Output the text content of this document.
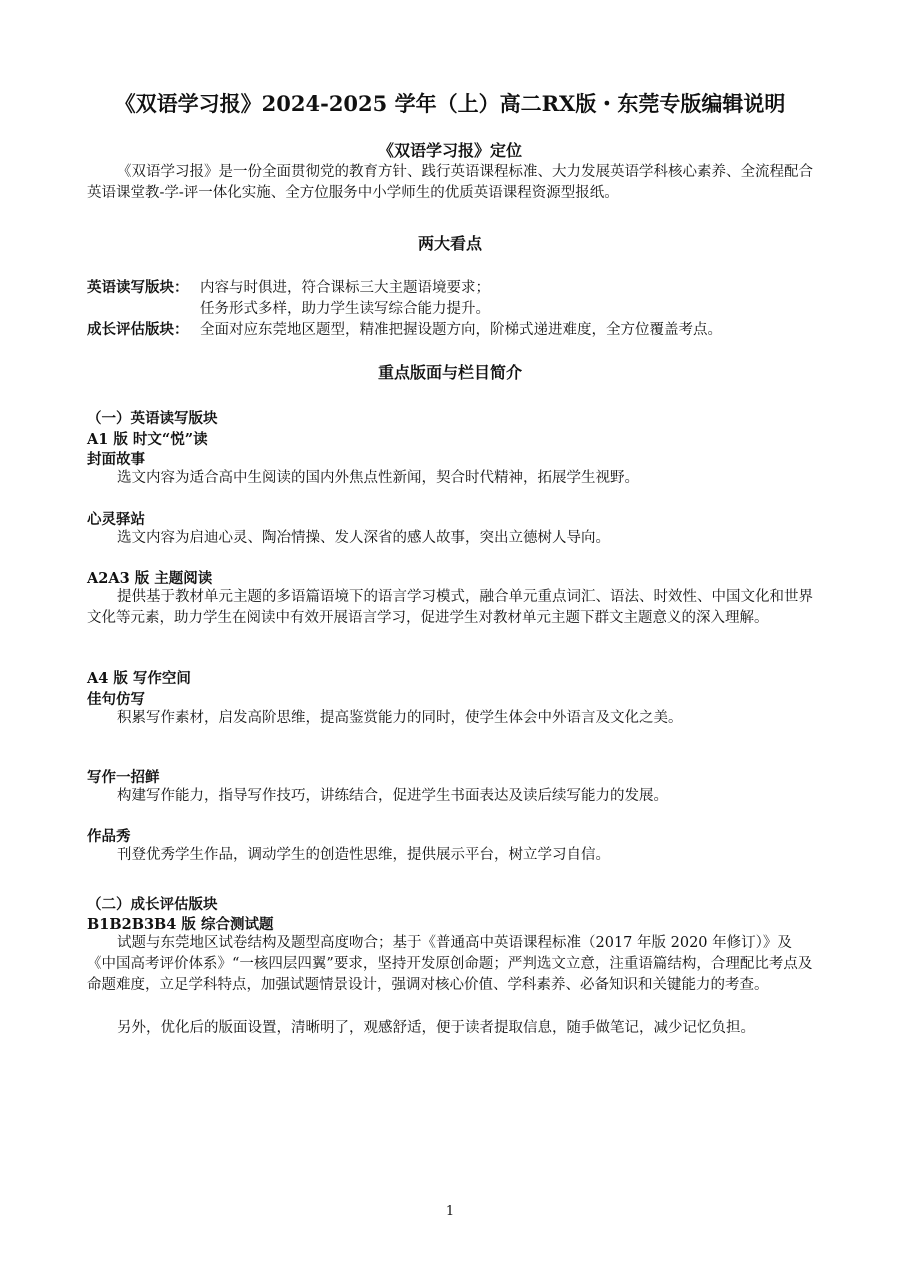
《双语学习报》2024-2025 学年（上）高二RX版・东莞专版编辑说明
《双语学习报》定位
《双语学习报》是一份全面贯彻党的教育方针、践行英语课程标准、大力发展英语学科核心素养、全流程配合英语课堂教-学-评一体化实施、全方位服务中小学师生的优质英语课程资源型报纸。
两大看点
英语读写版块： 内容与时俱进，符合课标三大主题语境要求；
任务形式多样，助力学生读写综合能力提升。
成长评估版块： 全面对应东莞地区题型，精准把握设题方向，阶梯式递进难度，全方位覆盖考点。
重点版面与栏目简介
（一）英语读写版块
A1 版 时文“悦”读
封面故事
选文内容为适合高中生阅读的国内外焦点性新闻，契合时代精神，拓展学生视野。
心灵驿站
选文内容为启迪心灵、陶冶情操、发人深省的感人故事，突出立德树人导向。
A2A3 版 主题阅读
提供基于教材单元主题的多语篇语境下的语言学习模式，融合单元重点词汇、语法、时效性、中国文化和世界文化等元素，助力学生在阅读中有效开展语言学习，促进学生对教材单元主题下群文主题意义的深入理解。
A4 版 写作空间
佳句仿写
积累写作素材，启发高阶思维，提高鉴赏能力的同时，使学生体会中外语言及文化之美。
写作一招鲜
构建写作能力，指导写作技巧，讲练结合，促进学生书面表达及读后续写能力的发展。
作品秀
刊登优秀学生作品，调动学生的创造性思维，提供展示平台，树立学习自信。
（二）成长评估版块
B1B2B3B4 版 综合测试题
试题与东莞地区试卷结构及题型高度吻合；基于《普通高中英语课程标准（2017 年版 2020 年修订）》及《中国高考评价体系》“一核四层四翼”要求，坚持开发原创命题；严判选文立意，注重语篇结构，合理配比考点及命题难度，立足学科特点，加强试题情景设计，强调对核心价值、学科素养、必备知识和关键能力的考查。
另外，优化后的版面设置，清晰明了，观感舒适，便于读者提取信息，随手做笔记，减少记忆负担。
1
